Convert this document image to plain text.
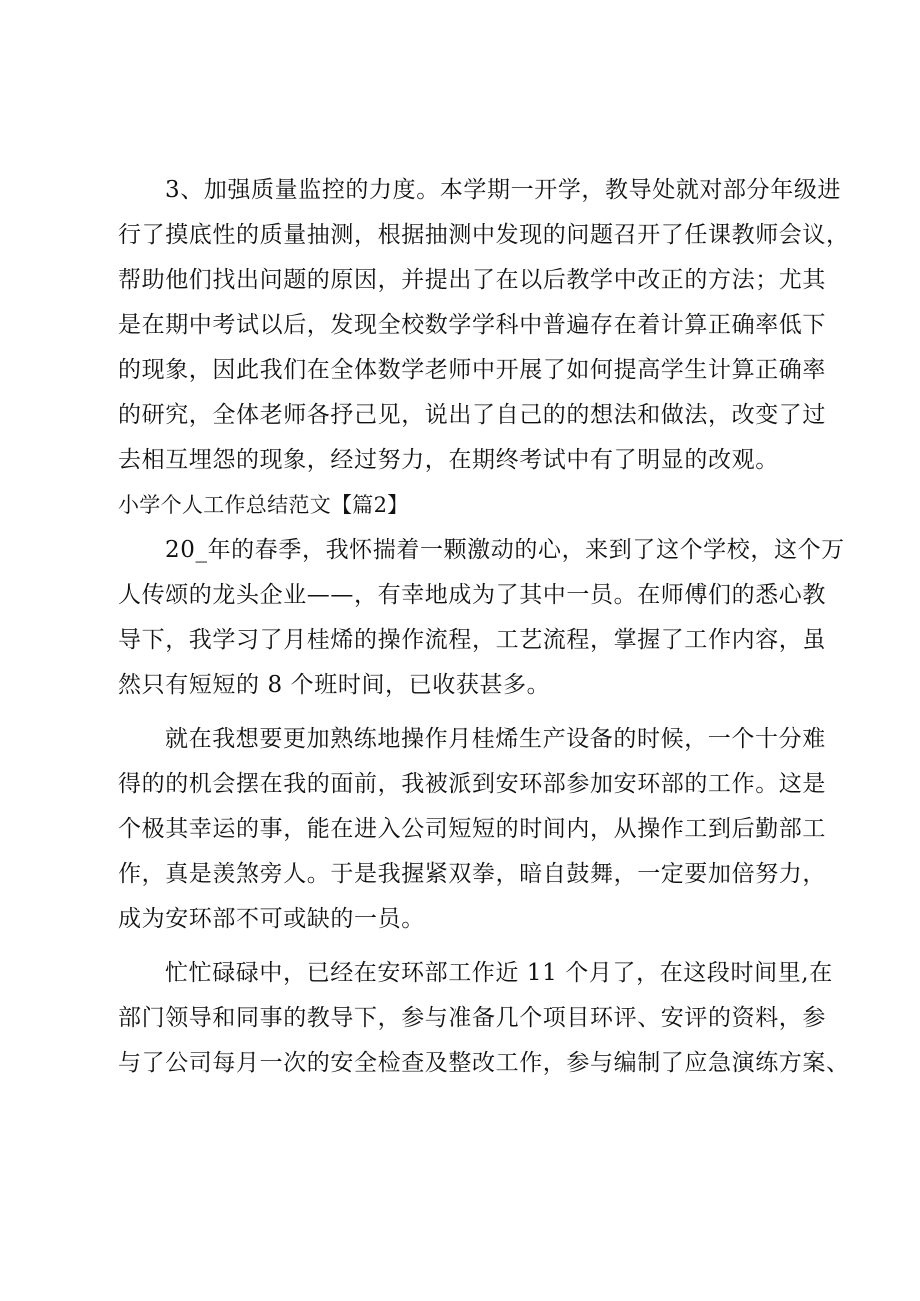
3、加强质量监控的力度。本学期一开学，教导处就对部分年级进
行了摸底性的质量抽测，根据抽测中发现的问题召开了任课教师会议，
帮助他们找出问题的原因，并提出了在以后教学中改正的方法；尤其
是在期中考试以后，发现全校数学学科中普遍存在着计算正确率低下
的现象，因此我们在全体数学老师中开展了如何提高学生计算正确率
的研究，全体老师各抒己见，说出了自己的的想法和做法，改变了过
去相互埋怨的现象，经过努力，在期终考试中有了明显的改观。
小学个人工作总结范文【篇2】
20_年的春季，我怀揣着一颗激动的心，来到了这个学校，这个万
人传颂的龙头企业——，有幸地成为了其中一员。在师傅们的悉心教
导下，我学习了月桂烯的操作流程，工艺流程，掌握了工作内容，虽
然只有短短的 8 个班时间，已收获甚多。
就在我想要更加熟练地操作月桂烯生产设备的时候，一个十分难
得的的机会摆在我的面前，我被派到安环部参加安环部的工作。这是
个极其幸运的事，能在进入公司短短的时间内，从操作工到后勤部工
作，真是羡煞旁人。于是我握紧双拳，暗自鼓舞，一定要加倍努力，
成为安环部不可或缺的一员。
忙忙碌碌中，已经在安环部工作近 11 个月了，在这段时间里,在
部门领导和同事的教导下，参与准备几个项目环评、安评的资料，参
与了公司每月一次的安全检查及整改工作，参与编制了应急演练方案、
